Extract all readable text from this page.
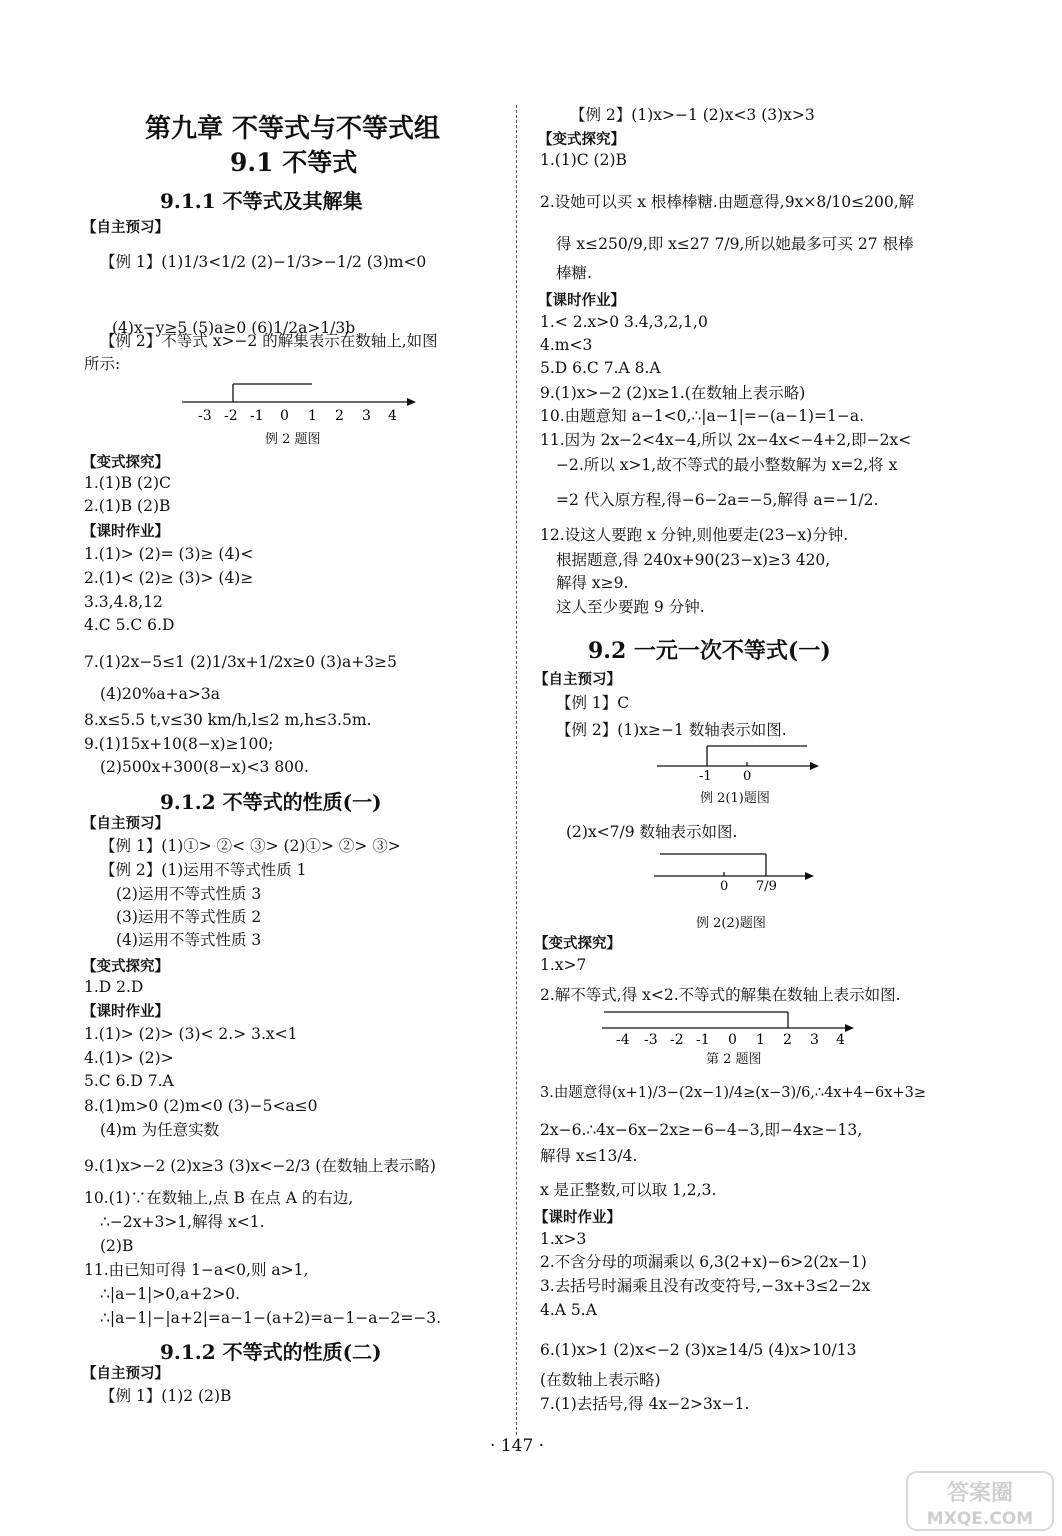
第九章 不等式与不等式组
9.1 不等式
9.1.1 不等式及其解集
【自主预习】
【例 1】(1)1/3<1/2 (2)−1/3>−1/2 (3)m<0
(4)x−y≥5 (5)a≥0 (6)1/2a>1/3b
【例 2】不等式 x>−2 的解集表示在数轴上,如图
所示:
-3 -2 -1 0 1 2 3 4
例 2 题图
【变式探究】
1.(1)B (2)C
2.(1)B (2)B
【课时作业】
1.(1)> (2)= (3)≥ (4)<
2.(1)< (2)≥ (3)> (4)≥
3.3,4.8,12
4.C 5.C 6.D
7.(1)2x−5≤1 (2)1/3x+1/2x≥0 (3)a+3≥5
(4)20%a+a>3a
8.x≤5.5 t,v≤30 km/h,l≤2 m,h≤3.5m.
9.(1)15x+10(8−x)≥100;
(2)500x+300(8−x)<3 800.
9.1.2 不等式的性质(一)
【自主预习】
【例 1】(1)①> ②< ③> (2)①> ②> ③>
【例 2】(1)运用不等式性质 1
(2)运用不等式性质 3
(3)运用不等式性质 2
(4)运用不等式性质 3
【变式探究】
1.D 2.D
【课时作业】
1.(1)> (2)> (3)< 2.> 3.x<1
4.(1)> (2)>
5.C 6.D 7.A
8.(1)m>0 (2)m<0 (3)−5<a≤0
(4)m 为任意实数
9.(1)x>−2 (2)x≥3 (3)x<−2/3 (在数轴上表示略)
10.(1)∵在数轴上,点 B 在点 A 的右边,
∴−2x+3>1,解得 x<1.
(2)B
11.由已知可得 1−a<0,则 a>1,
∴|a−1|>0,a+2>0.
∴|a−1|−|a+2|=a−1−(a+2)=a−1−a−2=−3.
9.1.2 不等式的性质(二)
【自主预习】
【例 1】(1)2 (2)B
【例 2】(1)x>−1 (2)x<3 (3)x>3
【变式探究】
1.(1)C (2)B
2.设她可以买 x 根棒棒糖.由题意得,9x×8/10≤200,解
得 x≤250/9,即 x≤27 7/9,所以她最多可买 27 根棒
棒糖.
【课时作业】
1.< 2.x>0 3.4,3,2,1,0
4.m<3
5.D 6.C 7.A 8.A
9.(1)x>−2 (2)x≥1.(在数轴上表示略)
10.由题意知 a−1<0,∴|a−1|=−(a−1)=1−a.
11.因为 2x−2<4x−4,所以 2x−4x<−4+2,即−2x<
−2.所以 x>1,故不等式的最小整数解为 x=2,将 x
=2 代入原方程,得−6−2a=−5,解得 a=−1/2.
12.设这人要跑 x 分钟,则他要走(23−x)分钟.
根据题意,得 240x+90(23−x)≥3 420,
解得 x≥9.
这人至少要跑 9 分钟.
9.2 一元一次不等式(一)
【自主预习】
【例 1】C
【例 2】(1)x≥−1 数轴表示如图.
-1 0
例 2(1)题图
(2)x<7/9 数轴表示如图.
0 7/9
例 2(2)题图
【变式探究】
1.x>7
2.解不等式,得 x<2.不等式的解集在数轴上表示如图.
-4 -3 -2 -1 0 1 2 3 4
第 2 题图
3.由题意得(x+1)/3−(2x−1)/4≥(x−3)/6,∴4x+4−6x+3≥
2x−6.∴4x−6x−2x≥−6−4−3,即−4x≥−13,
解得 x≤13/4.
x 是正整数,可以取 1,2,3.
【课时作业】
1.x>3
2.不含分母的项漏乘以 6,3(2+x)−6>2(2x−1)
3.去括号时漏乘且没有改变符号,−3x+3≤2−2x
4.A 5.A
6.(1)x>1 (2)x<−2 (3)x≥14/5 (4)x>10/13
(在数轴上表示略)
7.(1)去括号,得 4x−2>3x−1.
· 147 ·
答案圈
MXQE.COM
